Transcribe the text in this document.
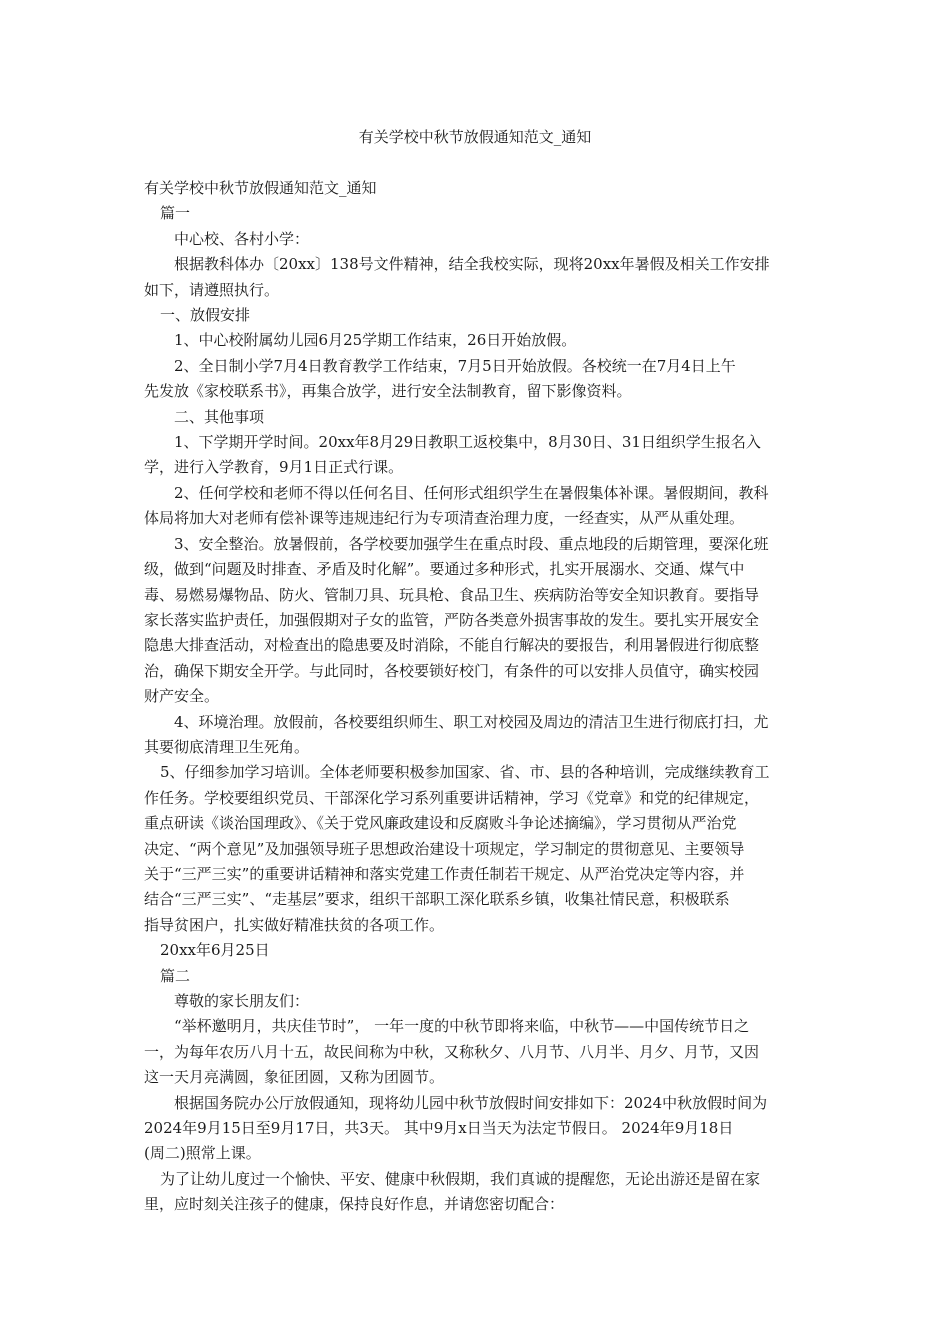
有关学校中秋节放假通知范文_通知
有关学校中秋节放假通知范文_通知
篇一
中心校、各村小学：
根据教科体办〔20xx〕138号文件精神，结全我校实际，现将20xx年暑假及相关工作安排
如下，请遵照执行。
一、放假安排
1、中心校附属幼儿园6月25学期工作结束，26日开始放假。
2、全日制小学7月4日教育教学工作结束，7月5日开始放假。各校统一在7月4日上午
先发放《家校联系书》，再集合放学，进行安全法制教育，留下影像资料。
二、其他事项
1、下学期开学时间。20xx年8月29日教职工返校集中，8月30日、31日组织学生报名入
学，进行入学教育，9月1日正式行课。
2、任何学校和老师不得以任何名目、任何形式组织学生在暑假集体补课。暑假期间，教科
体局将加大对老师有偿补课等违规违纪行为专项清查治理力度，一经查实，从严从重处理。
3、安全整治。放暑假前，各学校要加强学生在重点时段、重点地段的后期管理，要深化班
级，做到“问题及时排查、矛盾及时化解”。要通过多种形式，扎实开展溺水、交通、煤气中
毒、易燃易爆物品、防火、管制刀具、玩具枪、食品卫生、疾病防治等安全知识教育。要指导
家长落实监护责任，加强假期对子女的监管，严防各类意外损害事故的发生。要扎实开展安全
隐患大排查活动，对检查出的隐患要及时消除，不能自行解决的要报告，利用暑假进行彻底整
治，确保下期安全开学。与此同时，各校要锁好校门，有条件的可以安排人员值守，确实校园
财产安全。
4、环境治理。放假前，各校要组织师生、职工对校园及周边的清洁卫生进行彻底打扫，尤
其要彻底清理卫生死角。
5、仔细参加学习培训。全体老师要积极参加国家、省、市、县的各种培训，完成继续教育工
作任务。学校要组织党员、干部深化学习系列重要讲话精神，学习《党章》和党的纪律规定，
重点研读《谈治国理政》、《关于党风廉政建设和反腐败斗争论述摘编》，学习贯彻从严治党
决定、“两个意见”及加强领导班子思想政治建设十项规定，学习制定的贯彻意见、主要领导
关于“三严三实”的重要讲话精神和落实党建工作责任制若干规定、从严治党决定等内容，并
结合“三严三实”、“走基层”要求，组织干部职工深化联系乡镇，收集社情民意，积极联系
指导贫困户，扎实做好精准扶贫的各项工作。
20xx年6月25日
篇二
尊敬的家长朋友们：
“举杯邀明月，共庆佳节时”， 一年一度的中秋节即将来临，中秋节——中国传统节日之
一，为每年农历八月十五，故民间称为中秋，又称秋夕、八月节、八月半、月夕、月节，又因
这一天月亮满圆，象征团圆，又称为团圆节。
根据国务院办公厅放假通知，现将幼儿园中秋节放假时间安排如下：2024中秋放假时间为
2024年9月15日至9月17日，共3天。 其中9月x日当天为法定节假日。 2024年9月18日
(周二)照常上课。
为了让幼儿度过一个愉快、平安、健康中秋假期，我们真诚的提醒您，无论出游还是留在家
里，应时刻关注孩子的健康，保持良好作息，并请您密切配合：
